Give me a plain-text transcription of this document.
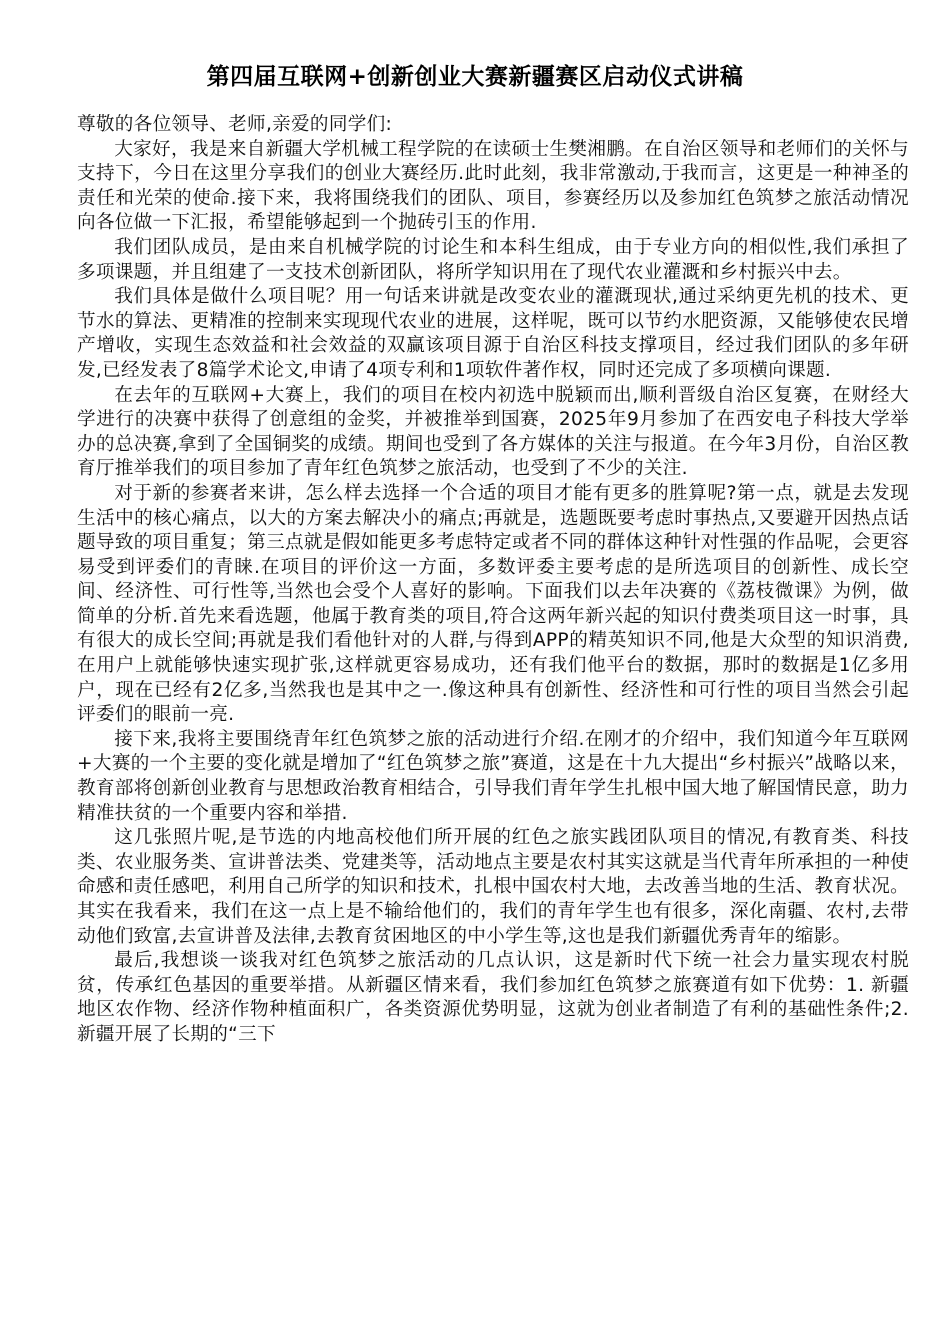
第四届互联网+创新创业大赛新疆赛区启动仪式讲稿

尊敬的各位领导、老师,亲爱的同学们:

大家好，我是来自新疆大学机械工程学院的在读硕士生樊湘鹏。在自治区领导和老师们的关怀与支持下，今日在这里分享我们的创业大赛经历.此时此刻，我非常激动,于我而言，这更是一种神圣的责任和光荣的使命.接下来，我将围绕我们的团队、项目，参赛经历以及参加红色筑梦之旅活动情况向各位做一下汇报，希望能够起到一个抛砖引玉的作用.

我们团队成员，是由来自机械学院的讨论生和本科生组成，由于专业方向的相似性,我们承担了多项课题，并且组建了一支技术创新团队，将所学知识用在了现代农业灌溉和乡村振兴中去。

我们具体是做什么项目呢？用一句话来讲就是改变农业的灌溉现状,通过采纳更先机的技术、更节水的算法、更精准的控制来实现现代农业的进展，这样呢，既可以节约水肥资源，又能够使农民增产增收，实现生态效益和社会效益的双赢该项目源于自治区科技支撑项目，经过我们团队的多年研发,已经发表了8篇学术论文,申请了4项专利和1项软件著作权，同时还完成了多项横向课题.

在去年的互联网+大赛上，我们的项目在校内初选中脱颖而出,顺利晋级自治区复赛，在财经大学进行的决赛中获得了创意组的金奖，并被推举到国赛，2025年9月参加了在西安电子科技大学举办的总决赛,拿到了全国铜奖的成绩。期间也受到了各方媒体的关注与报道。在今年3月份，自治区教育厅推举我们的项目参加了青年红色筑梦之旅活动，也受到了不少的关注.

对于新的参赛者来讲，怎么样去选择一个合适的项目才能有更多的胜算呢?第一点，就是去发现生活中的核心痛点，以大的方案去解决小的痛点;再就是，选题既要考虑时事热点,又要避开因热点话题导致的项目重复；第三点就是假如能更多考虑特定或者不同的群体这种针对性强的作品呢，会更容易受到评委们的青睐.在项目的评价这一方面，多数评委主要考虑的是所选项目的创新性、成长空间、经济性、可行性等,当然也会受个人喜好的影响。下面我们以去年决赛的《荔枝微课》为例，做简单的分析.首先来看选题，他属于教育类的项目,符合这两年新兴起的知识付费类项目这一时事，具有很大的成长空间;再就是我们看他针对的人群,与得到APP的精英知识不同,他是大众型的知识消费,在用户上就能够快速实现扩张,这样就更容易成功，还有我们他平台的数据，那时的数据是1亿多用户，现在已经有2亿多,当然我也是其中之一.像这种具有创新性、经济性和可行性的项目当然会引起评委们的眼前一亮.

接下来,我将主要围绕青年红色筑梦之旅的活动进行介绍.在刚才的介绍中，我们知道今年互联网+大赛的一个主要的变化就是增加了“红色筑梦之旅”赛道，这是在十九大提出“乡村振兴”战略以来，教育部将创新创业教育与思想政治教育相结合，引导我们青年学生扎根中国大地了解国情民意，助力精准扶贫的一个重要内容和举措.

这几张照片呢,是节选的内地高校他们所开展的红色之旅实践团队项目的情况,有教育类、科技类、农业服务类、宣讲普法类、党建类等，活动地点主要是农村其实这就是当代青年所承担的一种使命感和责任感吧，利用自己所学的知识和技术，扎根中国农村大地，去改善当地的生活、教育状况。其实在我看来，我们在这一点上是不输给他们的，我们的青年学生也有很多，深化南疆、农村,去带动他们致富,去宣讲普及法律,去教育贫困地区的中小学生等,这也是我们新疆优秀青年的缩影。

最后,我想谈一谈我对红色筑梦之旅活动的几点认识，这是新时代下统一社会力量实现农村脱贫，传承红色基因的重要举措。从新疆区情来看，我们参加红色筑梦之旅赛道有如下优势：1. 新疆地区农作物、经济作物种植面积广，各类资源优势明显，这就为创业者制造了有利的基础性条件;2. 新疆开展了长期的“三下
